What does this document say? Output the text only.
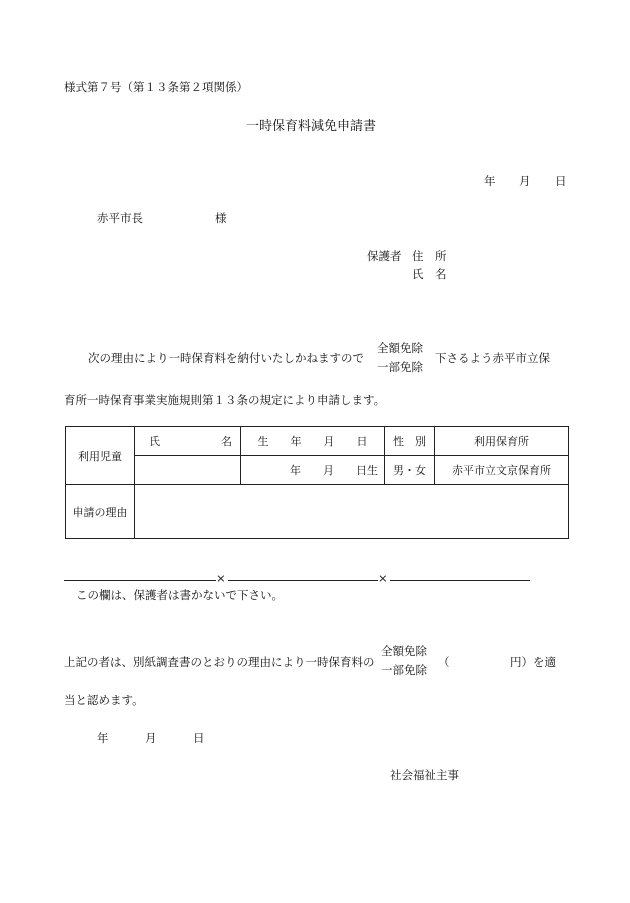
様式第７号（第１３条第２項関係）
一時保育料減免申請書
年 月 日
赤平市長	様
保護者 住　所
氏　名
次の理由により一時保育料を納付いたしかねますので
全額免除
一部免除
下さるよう赤平市立保
育所一時保育事業実施規則第１３条の規定により申請します。
利用児童	氏 名	生　　年　　月　　日	性　別	利用保育所
		年　　月　　日生	男・女	赤平市立文京保育所
申請の理由				
×	×
この欄は、保護者は書かないで下さい。
上記の者は、別紙調査書のとおりの理由により一時保育料の
全額免除
一部免除
（	円）を適
当と認めます。
年	月	日
社会福祉主事
